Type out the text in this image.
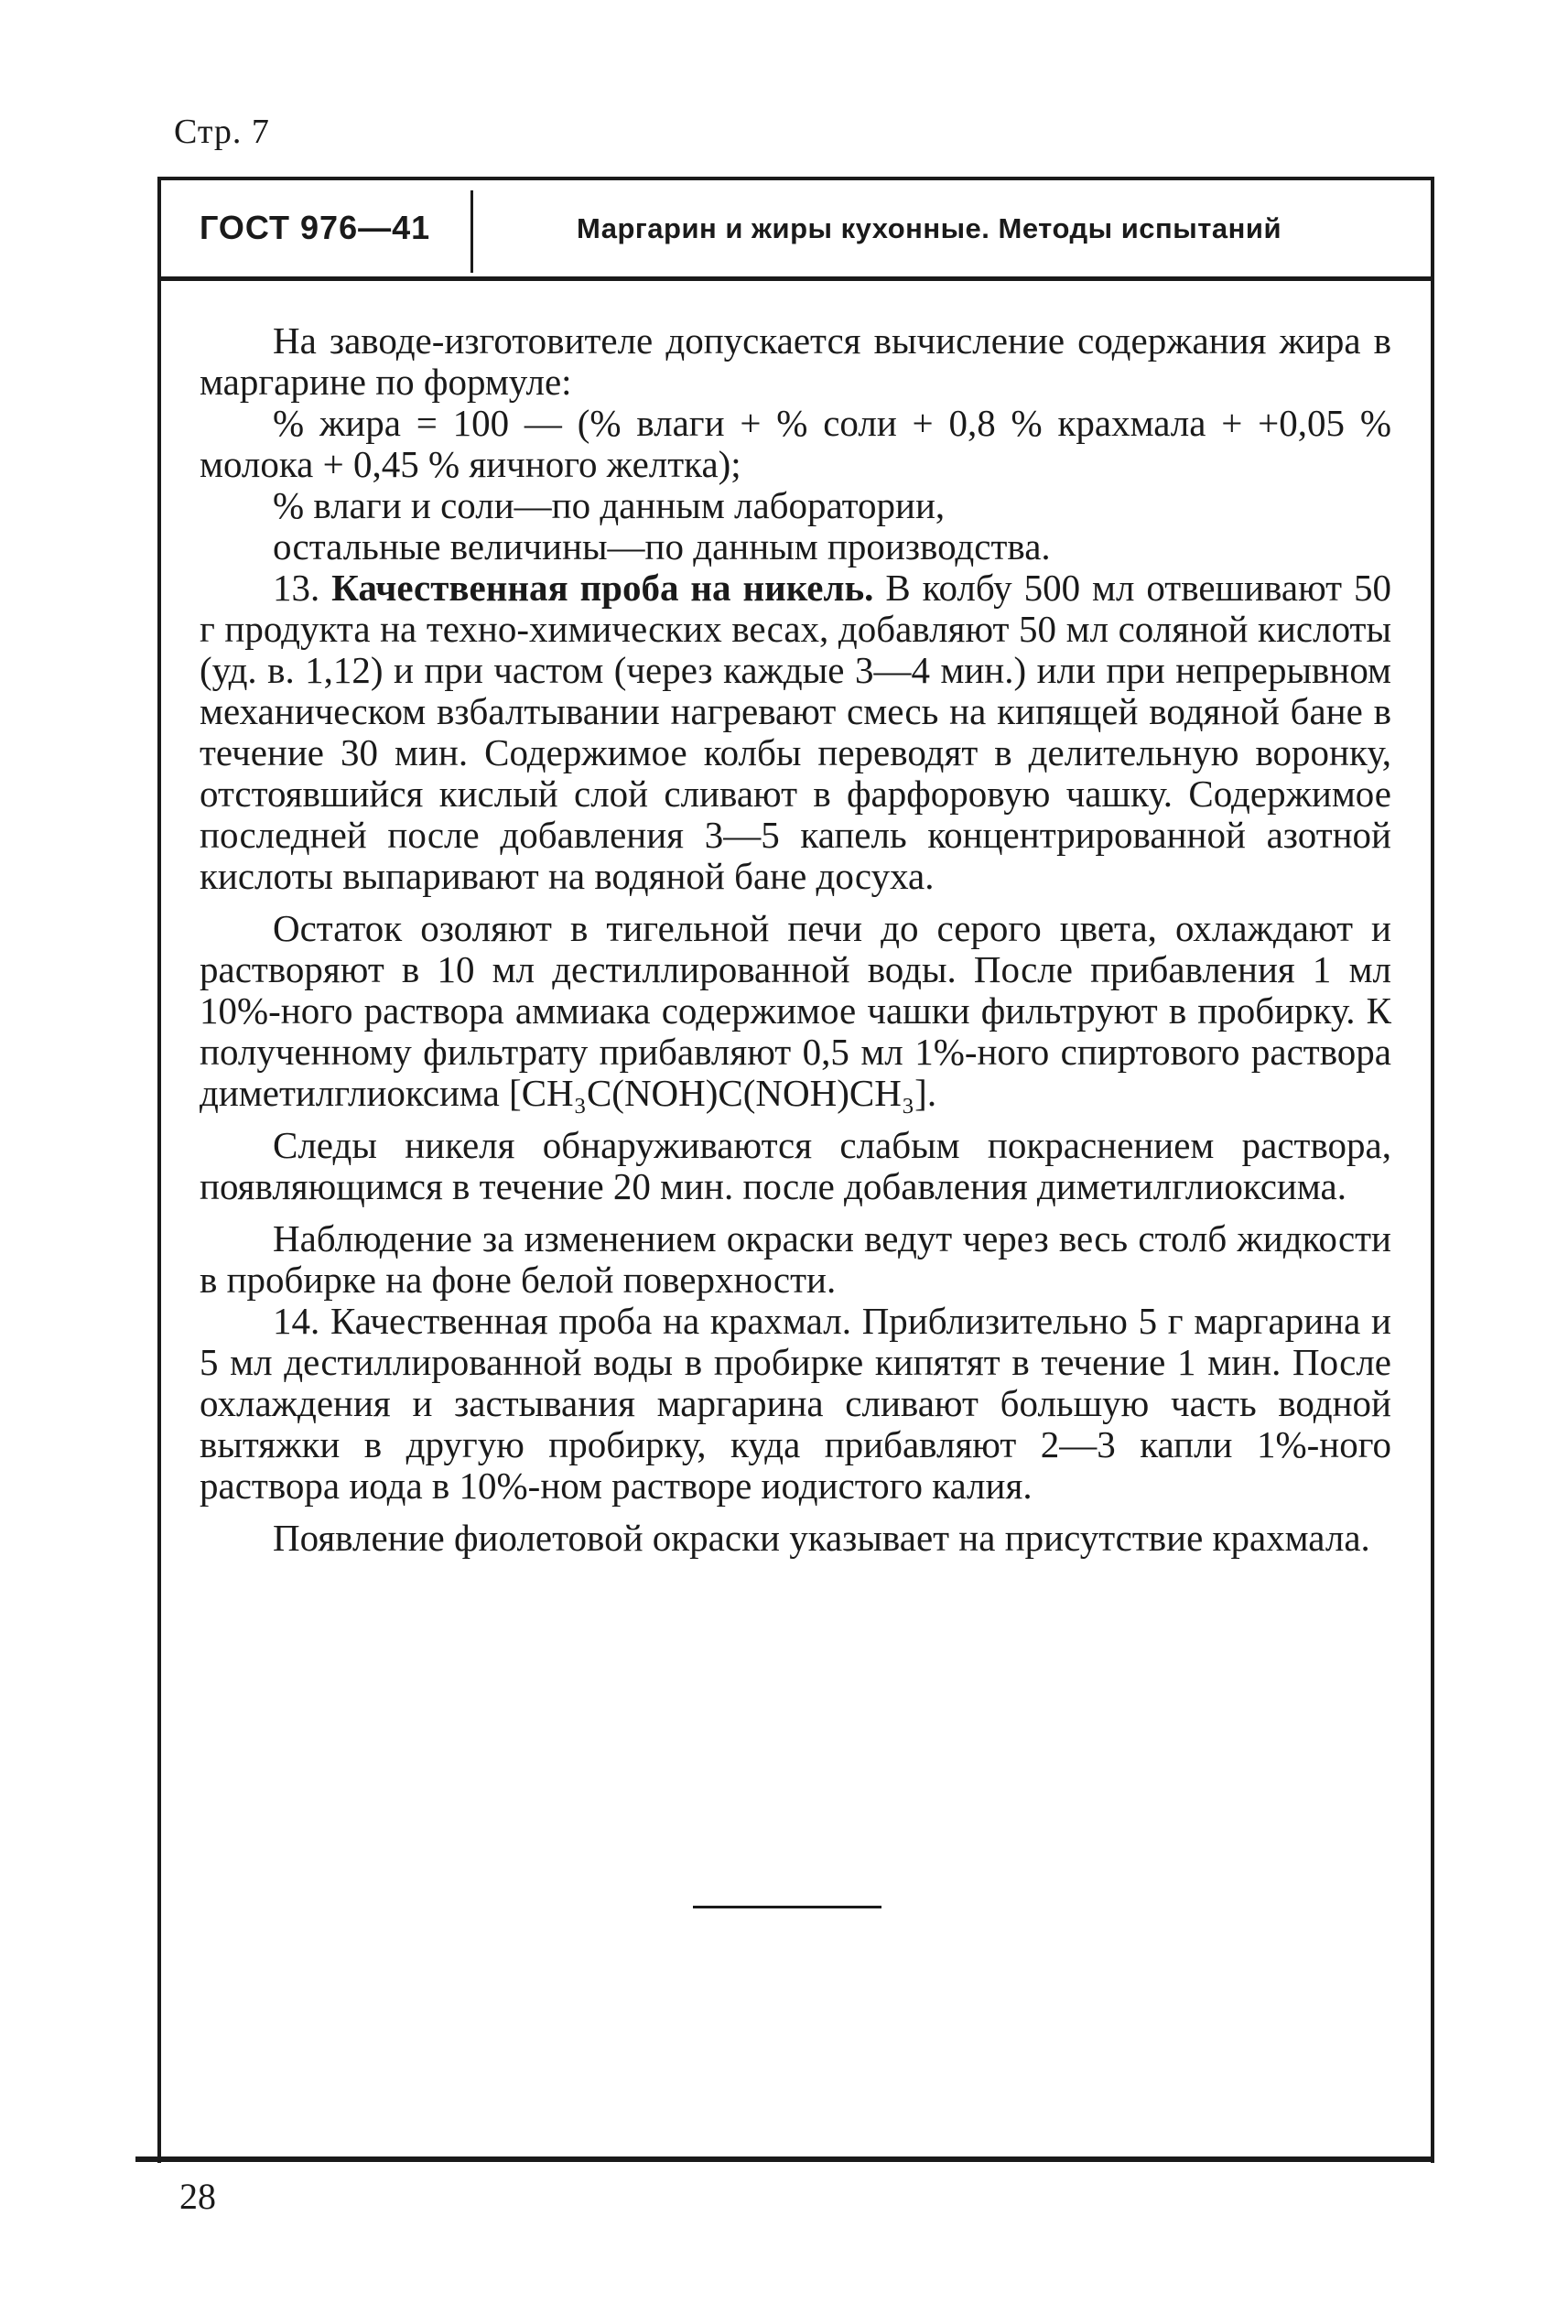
Стр. 7
ГОСТ 976—41	Маргарин и жиры кухонные. Методы испытаний

На заводе-изготовителе допускается вычисление содержания жира в маргарине по формуле:

% жира = 100 — (% влаги + % соли + 0,8 % крахмала + +0,05 % молока + 0,45 % яичного желтка);

% влаги и соли—по данным лаборатории,

остальные величины—по данным производства.

13. Качественная проба на никель. В колбу 500 мл отвешивают 50 г продукта на техно-химических весах, добавляют 50 мл соляной кислоты (уд. в. 1,12) и при частом (через каждые 3—4 мин.) или при непрерывном механическом взбалтывании нагревают смесь на кипящей водяной бане в течение 30 мин. Содержимое колбы переводят в делительную воронку, отстоявшийся кислый слой сливают в фарфоровую чашку. Содержимое последней после добавления 3—5 капель концентрированной азотной кислоты выпаривают на водяной бане досуха.

Остаток озоляют в тигельной печи до серого цвета, охлаждают и растворяют в 10 мл дестиллированной воды. После прибавления 1 мл 10%-ного раствора аммиака содержимое чашки фильтруют в пробирку. К полученному фильтрату прибавляют 0,5 мл 1%-ного спиртового раствора диметилглиоксима [CH₃C(NOH)C(NOH)CH₃].

Следы никеля обнаруживаются слабым покраснением раствора, появляющимся в течение 20 мин. после добавления диметилглиоксима.

Наблюдение за изменением окраски ведут через весь столб жидкости в пробирке на фоне белой поверхности.

14. Качественная проба на крахмал. Приблизительно 5 г маргарина и 5 мл дестиллированной воды в пробирке кипятят в течение 1 мин. После охлаждения и застывания маргарина сливают большую часть водной вытяжки в другую пробирку, куда прибавляют 2—3 капли 1%-ного раствора иода в 10%-ном растворе иодистого калия.

Появление фиолетовой окраски указывает на присутствие крахмала.

28
